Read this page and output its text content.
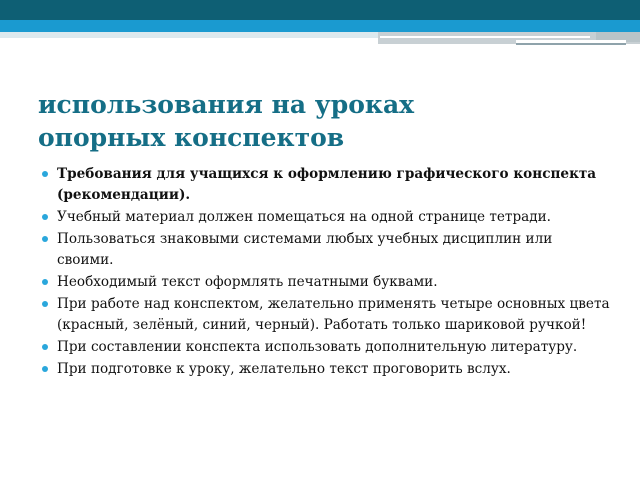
использования на уроках
опорных конспектов
Требования для учащихся к оформлению графического конспекта (рекомендации).
Учебный материал должен помещаться на одной странице тетради.
Пользоваться знаковыми системами любых учебных дисциплин или своими.
Необходимый текст оформлять печатными буквами.
При работе над конспектом, желательно применять четыре основных цвета (красный, зелёный, синий, черный). Работать только шариковой ручкой!
При составлении конспекта использовать дополнительную литературу.
При подготовке к уроку, желательно текст проговорить вслух.
